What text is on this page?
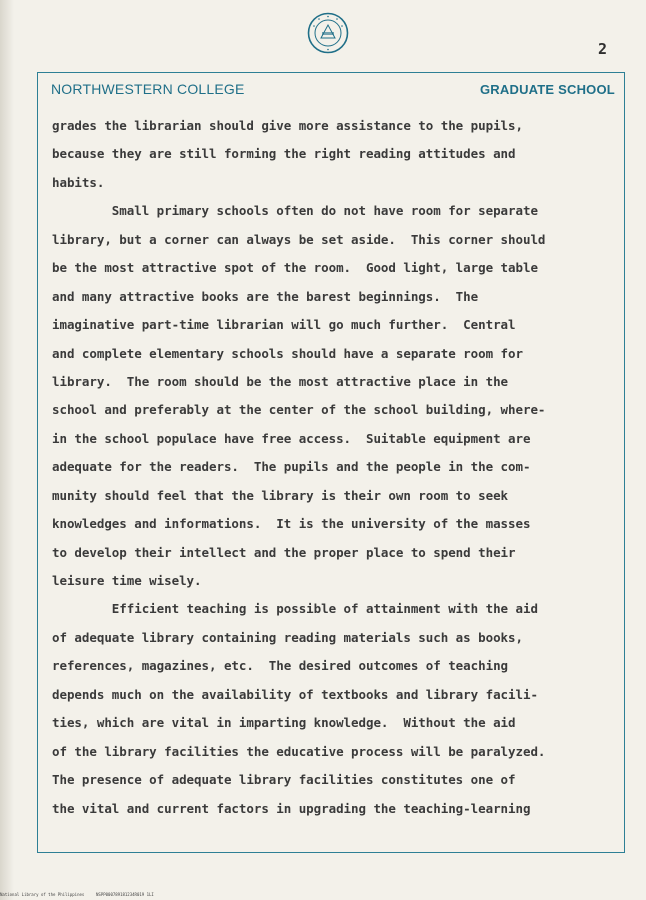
2
NORTHWESTERN COLLEGE	GRADUATE SCHOOL
grades the librarian should give more assistance to the pupils,
because they are still forming the right reading attitudes and
habits.
Small primary schools often do not have room for separate
library, but a corner can always be set aside.  This corner should
be the most attractive spot of the room.  Good light, large table
and many attractive books are the barest beginnings.  The
imaginative part-time librarian will go much further.  Central
and complete elementary schools should have a separate room for
library.  The room should be the most attractive place in the
school and preferably at the center of the school building, where-
in the school populace have free access.  Suitable equipment are
adequate for the readers.  The pupils and the people in the com-
munity should feel that the library is their own room to seek
knowledges and informations.  It is the university of the masses
to develop their intellect and the proper place to spend their
leisure time wisely.
Efficient teaching is possible of attainment with the aid
of adequate library containing reading materials such as books,
references, magazines, etc.  The desired outcomes of teaching
depends much on the availability of textbooks and library facili-
ties, which are vital in imparting knowledge.  Without the aid
of the library facilities the educative process will be paralyzed.
The presence of adequate library facilities constitutes one of
the vital and current factors in upgrading the teaching-learning
National Library of the Philippines	NSPP000789181234R019 1LI
